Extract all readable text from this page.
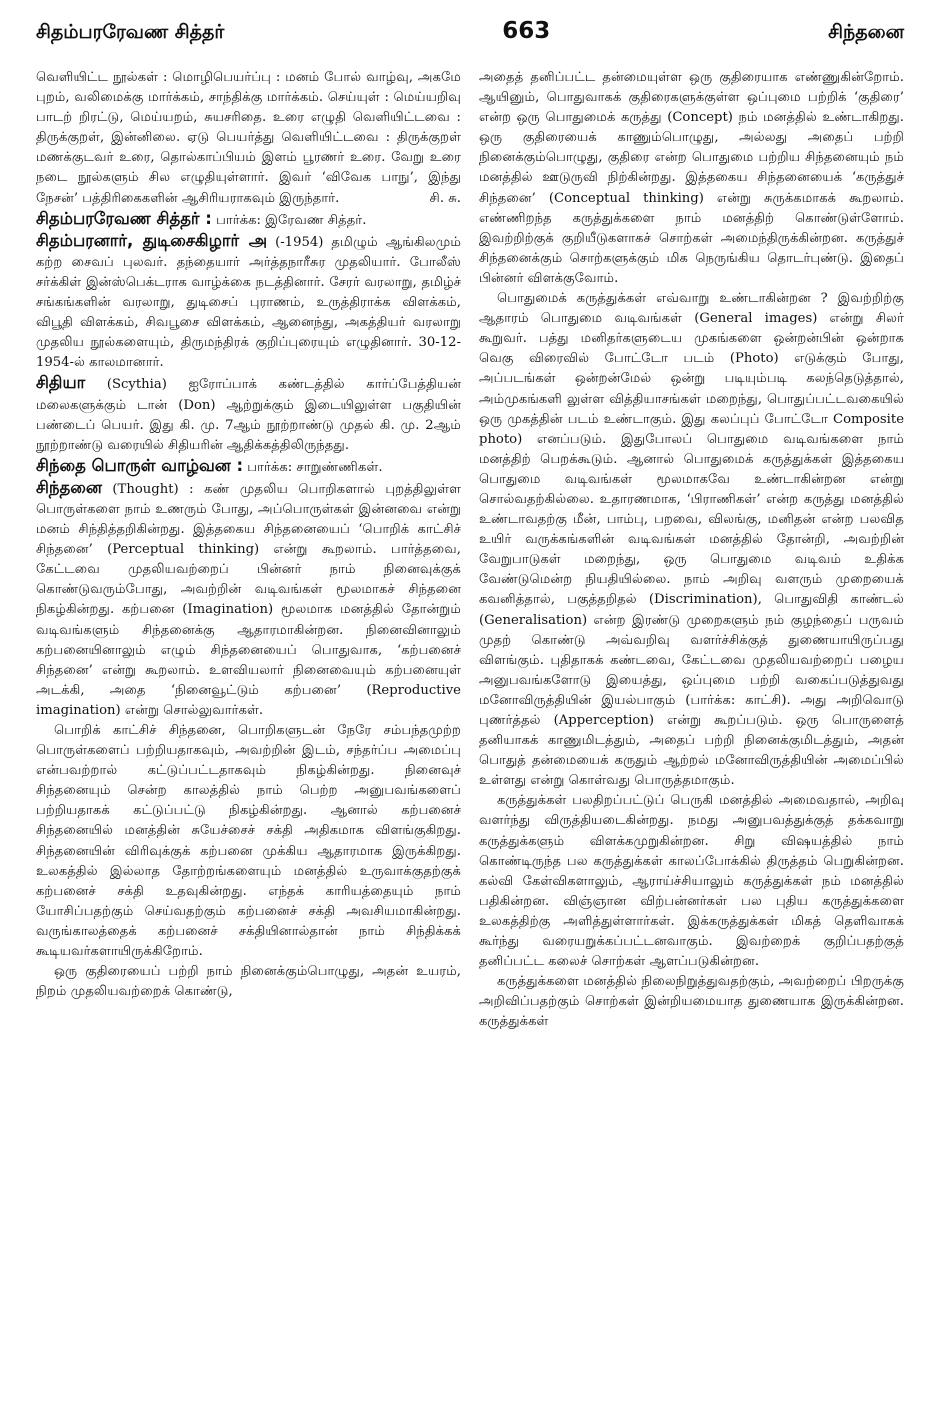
சிதம்பரரேவண சித்தர்	663	சிந்தனை

வெளியிட்ட நூல்கள் : மொழிபெயர்ப்பு : மனம் போல் வாழ்வு, அகமே புறம், வலிமைக்கு மார்க்கம், சாந்திக்கு மார்க்கம். செய்யுள் : மெய்யறிவு பாடற் றிரட்டு, மெய்யறம், சுயசரிதை. உரை எழுதி வெளியிட்டவை : திருக்குறள், இன்னிலை. ஏடு பெயர்த்து வெளியிட்டவை : திருக்குறள் மணக்குடவர் உரை, தொல்காப்பியம் இளம் பூரணர் உரை. வேறு உரை நடை நூல்களும் சில எழுதியுள்ளார். இவர் ‘விவேக பாநு’, இந்து நேசன்’ பத்திரிகைகளின் ஆசிரியராகவும் இருந்தார்.	சி. சு.

சிதம்பரரேவண சித்தர் : பார்க்க: இரேவண சித்தர்.
சிதம்பரனார், துடிசைகிழார் அ (-1954) தமிழும் ஆங்கிலமும் கற்ற சைவப் புலவர். தந்தையார் அர்த்தநாரீசுர முதலியார். போலீஸ் சர்க்கிள் இன்ஸ்பெக்டராக வாழ்க்கை நடத்தினார். சேரர் வரலாறு, தமிழ்ச் சங்கங்களின் வரலாறு, துடிசைப் புராணம், உருத்திராக்க விளக்கம், விபூதி விளக்கம், சிவபூசை விளக்கம், ஆனைந்து, அகத்தியர் வரலாறு முதலிய நூல்களையும், திருமந்திரக் குறிப்புரையும் எழுதினார். 30-12-1954-ல் காலமானார்.
சிதியா (Scythia) ஐரோப்பாக் கண்டத்தில் கார்ப்பேத்தியன் மலைகளுக்கும் டான் (Don) ஆற்றுக்கும் இடையிலுள்ள பகுதியின் பண்டைப் பெயர். இது கி. மு. 7ஆம் நூற்றாண்டு முதல் கி. மு. 2ஆம் நூற்றாண்டு வரையில் சிதியரின் ஆதிக்கத்திலிருந்தது.
சிந்தை பொருள் வாழ்வன : பார்க்க: சாறுண்ணிகள்.
சிந்தனை (Thought) : கண் முதலிய பொறிகளால் புறத்திலுள்ள பொருள்களை நாம் உணரும் போது, அப்பொருள்கள் இன்னவை என்று மனம் சிந்தித்தறிகின்றது. இத்தகைய சிந்தனையைப் ‘பொறிக் காட்சிச் சிந்தனை’ (Perceptual thinking) என்று கூறலாம். பார்த்தவை, கேட்டவை முதலியவற்றைப் பின்னர் நாம் நினைவுக்குக் கொண்டுவரும்போது, அவற்றின் வடிவங்கள் மூலமாகச் சிந்தனை நிகழ்கின்றது. கற்பனை (Imagination) மூலமாக மனத்தில் தோன்றும் வடிவங்களும் சிந்தனைக்கு ஆதாரமாகின்றன. நினைவினாலும் கற்பனையினாலும் எழும் சிந்தனையைப் பொதுவாக, ‘கற்பனைச் சிந்தனை’ என்று கூறலாம். உளவியலார் நினைவையும் கற்பனையுள் அடக்கி, அதை ‘நினைவூட்டும் கற்பனை’ (Reproductive imagination) என்று சொல்லுவார்கள்.

பொறிக் காட்சிச் சிந்தனை, பொறிகளுடன் நேரே சம்பந்தமுற்ற பொருள்களைப் பற்றியதாகவும், அவற்றின் இடம், சந்தர்ப்ப அமைப்பு என்பவற்றால் கட்டுப்பட்டதாகவும் நிகழ்கின்றது. நினைவுச் சிந்தனையும் சென்ற காலத்தில் நாம் பெற்ற அனுபவங்களைப் பற்றியதாகக் கட்டுப்பட்டு நிகழ்கின்றது. ஆனால் கற்பனைச் சிந்தனையில் மனத்தின் சுயேச்சைச் சக்தி அதிகமாக விளங்குகிறது. சிந்தனையின் விரிவுக்குக் கற்பனை முக்கிய ஆதாரமாக இருக்கிறது. உலகத்தில் இல்லாத தோற்றங்களையும் மனத்தில் உருவாக்குதற்குக் கற்பனைச் சக்தி உதவுகின்றது. எந்தக் காரியத்தையும் நாம் யோசிப்பதற்கும் செய்வதற்கும் கற்பனைச் சக்தி அவசியமாகின்றது. வருங்காலத்தைக் கற்பனைச் சக்தியினால்தான் நாம் சிந்திக்கக் கூடியவர்களாயிருக்கிறோம்.

ஒரு குதிரையைப் பற்றி நாம் நினைக்கும்பொழுது, அதன் உயரம், நிறம் முதலியவற்றைக் கொண்டு,

அதைத் தனிப்பட்ட தன்மையுள்ள ஒரு குதிரையாக எண்ணுகின்றோம். ஆயினும், பொதுவாகக் குதிரைகளுக்குள்ள ஒப்புமை பற்றிக் ‘குதிரை’ என்ற ஒரு பொதுமைக் கருத்து (Concept) நம் மனத்தில் உண்டாகிறது. ஒரு குதிரையைக் காணும்பொழுது, அல்லது அதைப் பற்றி நினைக்கும்பொழுது, குதிரை என்ற பொதுமை பற்றிய சிந்தனையும் நம் மனத்தில் ஊடுருவி நிற்கின்றது. இத்தகைய சிந்தனையைக் ‘கருத்துச் சிந்தனை’ (Conceptual thinking) என்று சுருக்கமாகக் கூறலாம். எண்ணிறந்த கருத்துக்களை நாம் மனத்திற் கொண்டுள்ளோம். இவற்றிற்குக் குறியீடுகளாகச் சொற்கள் அமைந்திருக்கின்றன. கருத்துச் சிந்தனைக்கும் சொற்களுக்கும் மிக நெருங்கிய தொடர்புண்டு. இதைப் பின்னர் விளக்குவோம்.

பொதுமைக் கருத்துக்கள் எவ்வாறு உண்டாகின்றன ? இவற்றிற்கு ஆதாரம் பொதுமை வடிவங்கள் (General images) என்று சிலர் கூறுவர். பத்து மனிதர்களுடைய முகங்களை ஒன்றன்பின் ஒன்றாக வெகு விரைவில் போட்டோ படம் (Photo) எடுக்கும் போது, அப்படங்கள் ஒன்றன்மேல் ஒன்று படியும்படி கலந்தெடுத்தால், அம்முகங்களி லுள்ள வித்தியாசங்கள் மறைந்து, பொதுப்பட்டவகையில் ஒரு முகத்தின் படம் உண்டாகும். இது கலப்புப் போட்டோ Composite photo) எனப்படும். இதுபோலப் பொதுமை வடிவங்களை நாம் மனத்திற் பெறக்கூடும். ஆனால் பொதுமைக் கருத்துக்கள் இத்தகைய பொதுமை வடிவங்கள் மூலமாகவே உண்டாகின்றன என்று சொல்வதற்கில்லை. உதாரணமாக, ‘பிராணிகள்’ என்ற கருத்து மனத்தில் உண்டாவதற்கு மீன், பாம்பு, பறவை, விலங்கு, மனிதன் என்ற பலவித உயிர் வருக்கங்களின் வடிவங்கள் மனத்தில் தோன்றி, அவற்றின் வேறுபாடுகள் மறைந்து, ஒரு பொதுமை வடிவம் உதிக்க வேண்டுமென்ற நியதியில்லை. நாம் அறிவு வளரும் முறையைக் கவனித்தால், பகுத்தறிதல் (Discrimination), பொதுவிதி காண்டல் (Generalisation) என்ற இரண்டு முறைகளும் நம் குழந்தைப் பருவம் முதற் கொண்டு அவ்வறிவு வளர்ச்சிக்குத் துணையாயிருப்பது விளங்கும். புதிதாகக் கண்டவை, கேட்டவை முதலியவற்றைப் பழைய அனுபவங்களோடு இயைத்து, ஒப்புமை பற்றி வகைப்படுத்துவது மனோவிருத்தியின் இயல்பாகும் (பார்க்க: காட்சி). அது அறிவொடு புணர்த்தல் (Apperception) என்று கூறப்படும். ஒரு பொருளைத் தனியாகக் காணுமிடத்தும், அதைப் பற்றி நினைக்குமிடத்தும், அதன் பொதுத் தன்மையைக் கருதும் ஆற்றல் மனோவிருத்தியின் அமைப்பில் உள்ளது என்று கொள்வது பொருத்தமாகும்.

கருத்துக்கள் பலதிறப்பட்டுப் பெருகி மனத்தில் அமைவதால், அறிவு வளர்ந்து விருத்தியடைகின்றது. நமது அனுபவத்துக்குத் தக்கவாறு கருத்துக்களும் விளக்கமுறுகின்றன. சிறு விஷயத்தில் நாம் கொண்டிருந்த பல கருத்துக்கள் காலப்போக்கில் திருத்தம் பெறுகின்றன. கல்வி கேள்விகளாலும், ஆராய்ச்சியாலும் கருத்துக்கள் நம் மனத்தில் பதிகின்றன. விஞ்ஞான விற்பன்னர்கள் பல புதிய கருத்துக்களை உலகத்திற்கு அளித்துள்ளார்கள். இக்கருத்துக்கள் மிகத் தெளிவாகக் கூர்ந்து வரையறுக்கப்பட்டனவாகும். இவற்றைக் குறிப்பதற்குத் தனிப்பட்ட கலைச் சொற்கள் ஆளப்படுகின்றன.

கருத்துக்களை மனத்தில் நிலைநிறுத்துவதற்கும், அவற்றைப் பிறருக்கு அறிவிப்பதற்கும் சொற்கள் இன்றியமையாத துணையாக இருக்கின்றன. கருத்துக்கள்
